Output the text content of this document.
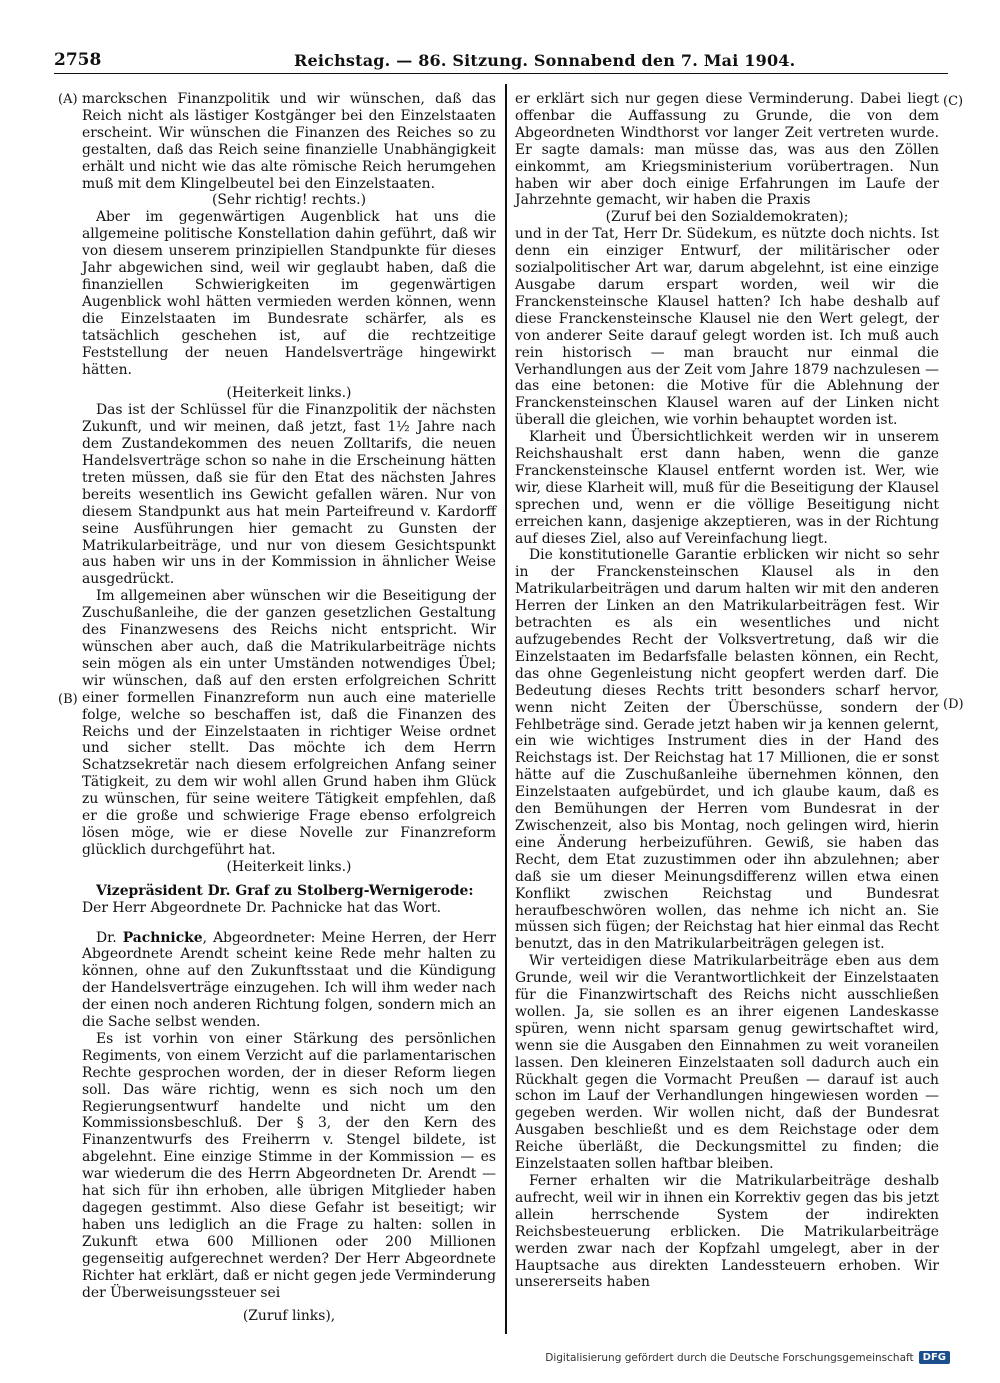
2758	Reichstag. — 86. Sitzung. Sonnabend den 7. Mai 1904.
(A)
(B)
(C)
(D)

marckschen Finanzpolitik und wir wünschen, daß das Reich nicht als lästiger Kostgänger bei den Einzelstaaten erscheint. Wir wünschen die Finanzen des Reiches so zu gestalten, daß das Reich seine finanzielle Unabhängigkeit erhält und nicht wie das alte römische Reich herumgehen muß mit dem Klingelbeutel bei den Einzelstaaten.

(Sehr richtig! rechts.)

Aber im gegenwärtigen Augenblick hat uns die allgemeine politische Konstellation dahin geführt, daß wir von diesem unserem prinzipiellen Standpunkte für dieses Jahr abgewichen sind, weil wir geglaubt haben, daß die finanziellen Schwierigkeiten im gegenwärtigen Augenblick wohl hätten vermieden werden können, wenn die Einzelstaaten im Bundesrate schärfer, als es tatsächlich geschehen ist, auf die rechtzeitige Feststellung der neuen Handelsverträge hingewirkt hätten.

(Heiterkeit links.)

Das ist der Schlüssel für die Finanzpolitik der nächsten Zukunft, und wir meinen, daß jetzt, fast 1½ Jahre nach dem Zustandekommen des neuen Zolltarifs, die neuen Handelsverträge schon so nahe in die Erscheinung hätten treten müssen, daß sie für den Etat des nächsten Jahres bereits wesentlich ins Gewicht gefallen wären. Nur von diesem Standpunkt aus hat mein Parteifreund v. Kardorff seine Ausführungen hier gemacht zu Gunsten der Matrikularbeiträge, und nur von diesem Gesichtspunkt aus haben wir uns in der Kommission in ähnlicher Weise ausgedrückt.

Im allgemeinen aber wünschen wir die Beseitigung der Zuschußanleihe, die der ganzen gesetzlichen Gestaltung des Finanzwesens des Reichs nicht entspricht. Wir wünschen aber auch, daß die Matrikularbeiträge nichts sein mögen als ein unter Umständen notwendiges Übel; wir wünschen, daß auf den ersten erfolgreichen Schritt einer formellen Finanzreform nun auch eine materielle folge, welche so beschaffen ist, daß die Finanzen des Reichs und der Einzelstaaten in richtiger Weise ordnet und sicher stellt. Das möchte ich dem Herrn Schatzsekretär nach diesem erfolgreichen Anfang seiner Tätigkeit, zu dem wir wohl allen Grund haben ihm Glück zu wünschen, für seine weitere Tätigkeit empfehlen, daß er die große und schwierige Frage ebenso erfolgreich lösen möge, wie er diese Novelle zur Finanzreform glücklich durchgeführt hat.

(Heiterkeit links.)

Vizepräsident Dr. Graf zu Stolberg-Wernigerode:

Der Herr Abgeordnete Dr. Pachnicke hat das Wort.

Dr. Pachnicke, Abgeordneter: Meine Herren, der Herr Abgeordnete Arendt scheint keine Rede mehr halten zu können, ohne auf den Zukunftsstaat und die Kündigung der Handelsverträge einzugehen. Ich will ihm weder nach der einen noch anderen Richtung folgen, sondern mich an die Sache selbst wenden.

Es ist vorhin von einer Stärkung des persönlichen Regiments, von einem Verzicht auf die parlamentarischen Rechte gesprochen worden, der in dieser Reform liegen soll. Das wäre richtig, wenn es sich noch um den Regierungsentwurf handelte und nicht um den Kommissionsbeschluß. Der § 3, der den Kern des Finanzentwurfs des Freiherrn v. Stengel bildete, ist abgelehnt. Eine einzige Stimme in der Kommission — es war wiederum die des Herrn Abgeordneten Dr. Arendt — hat sich für ihn erhoben, alle übrigen Mitglieder haben dagegen gestimmt. Also diese Gefahr ist beseitigt; wir haben uns lediglich an die Frage zu halten: sollen in Zukunft etwa 600 Millionen oder 200 Millionen gegenseitig aufgerechnet werden? Der Herr Abgeordnete Richter hat erklärt, daß er nicht gegen jede Verminderung der Überweisungssteuer sei

(Zuruf links),

er erklärt sich nur gegen diese Verminderung. Dabei liegt offenbar die Auffassung zu Grunde, die von dem Abgeordneten Windthorst vor langer Zeit vertreten wurde. Er sagte damals: man müsse das, was aus den Zöllen einkommt, am Kriegsministerium vorübertragen. Nun haben wir aber doch einige Erfahrungen im Laufe der Jahrzehnte gemacht, wir haben die Praxis

(Zuruf bei den Sozialdemokraten);

und in der Tat, Herr Dr. Südekum, es nützte doch nichts. Ist denn ein einziger Entwurf, der militärischer oder sozialpolitischer Art war, darum abgelehnt, ist eine einzige Ausgabe darum erspart worden, weil wir die Franckensteinsche Klausel hatten? Ich habe deshalb auf diese Franckensteinsche Klausel nie den Wert gelegt, der von anderer Seite darauf gelegt worden ist. Ich muß auch rein historisch — man braucht nur einmal die Verhandlungen aus der Zeit vom Jahre 1879 nachzulesen — das eine betonen: die Motive für die Ablehnung der Franckensteinschen Klausel waren auf der Linken nicht überall die gleichen, wie vorhin behauptet worden ist.

Klarheit und Übersichtlichkeit werden wir in unserem Reichshaushalt erst dann haben, wenn die ganze Franckensteinsche Klausel entfernt worden ist. Wer, wie wir, diese Klarheit will, muß für die Beseitigung der Klausel sprechen und, wenn er die völlige Beseitigung nicht erreichen kann, dasjenige akzeptieren, was in der Richtung auf dieses Ziel, also auf Vereinfachung liegt.

Die konstitutionelle Garantie erblicken wir nicht so sehr in der Franckensteinschen Klausel als in den Matrikularbeiträgen und darum halten wir mit den anderen Herren der Linken an den Matrikularbeiträgen fest. Wir betrachten es als ein wesentliches und nicht aufzugebendes Recht der Volksvertretung, daß wir die Einzelstaaten im Bedarfsfalle belasten können, ein Recht, das ohne Gegenleistung nicht geopfert werden darf. Die Bedeutung dieses Rechts tritt besonders scharf hervor, wenn nicht Zeiten der Überschüsse, sondern der Fehlbeträge sind. Gerade jetzt haben wir ja kennen gelernt, ein wie wichtiges Instrument dies in der Hand des Reichstags ist. Der Reichstag hat 17 Millionen, die er sonst hätte auf die Zuschußanleihe übernehmen können, den Einzelstaaten aufgebürdet, und ich glaube kaum, daß es den Bemühungen der Herren vom Bundesrat in der Zwischenzeit, also bis Montag, noch gelingen wird, hierin eine Änderung herbeizuführen. Gewiß, sie haben das Recht, dem Etat zuzustimmen oder ihn abzulehnen; aber daß sie um dieser Meinungsdifferenz willen etwa einen Konflikt zwischen Reichstag und Bundesrat heraufbeschwören wollen, das nehme ich nicht an. Sie müssen sich fügen; der Reichstag hat hier einmal das Recht benutzt, das in den Matrikularbeiträgen gelegen ist.

Wir verteidigen diese Matrikularbeiträge eben aus dem Grunde, weil wir die Verantwortlichkeit der Einzelstaaten für die Finanzwirtschaft des Reichs nicht ausschließen wollen. Ja, sie sollen es an ihrer eigenen Landeskasse spüren, wenn nicht sparsam genug gewirtschaftet wird, wenn sie die Ausgaben den Einnahmen zu weit voraneilen lassen. Den kleineren Einzelstaaten soll dadurch auch ein Rückhalt gegen die Vormacht Preußen — darauf ist auch schon im Lauf der Verhandlungen hingewiesen worden — gegeben werden. Wir wollen nicht, daß der Bundesrat Ausgaben beschließt und es dem Reichstage oder dem Reiche überläßt, die Deckungsmittel zu finden; die Einzelstaaten sollen haftbar bleiben.

Ferner erhalten wir die Matrikularbeiträge deshalb aufrecht, weil wir in ihnen ein Korrektiv gegen das bis jetzt allein herrschende System der indirekten Reichsbesteuerung erblicken. Die Matrikularbeiträge werden zwar nach der Kopfzahl umgelegt, aber in der Hauptsache aus direkten Landessteuern erhoben. Wir unsererseits haben

Digitalisierung gefördert durch die Deutsche Forschungsgemeinschaft DFG
